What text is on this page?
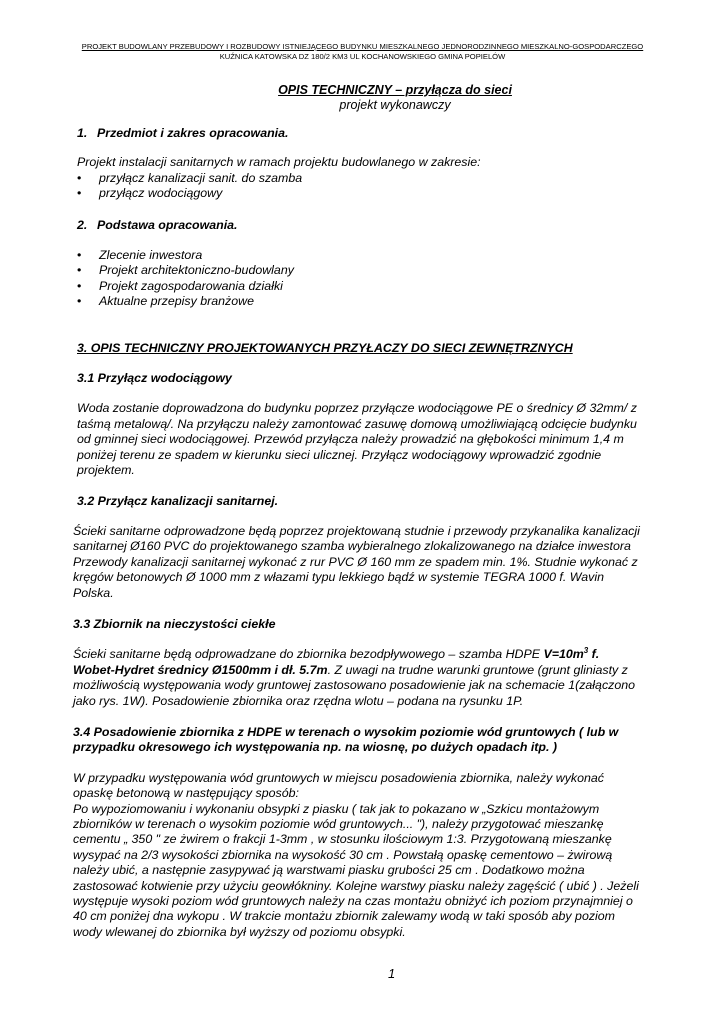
PROJEKT BUDOWLANY PRZEBUDOWY I ROZBUDOWY ISTNIEJĄCEGO BUDYNKU MIESZKALNEGO JEDNORODZINNEGO MIESZKALNO-GOSPODARCZEGO
KUŹNICA KATOWSKA DZ 180/2 KM3 UL KOCHANOWSKIEGO GMINA POPIELÓW
OPIS TECHNICZNY – przyłącza do sieci
projekt wykonawczy

1. Przedmiot i zakres opracowania.

Projekt instalacji sanitarnych w ramach projektu budowlanego w zakresie:

• przyłącz kanalizacji sanit. do szamba
• przyłącz wodociągowy

2. Podstawa opracowania.

• Zlecenie inwestora
• Projekt architektoniczno-budowlany
• Projekt zagospodarowania działki
• Aktualne przepisy branżowe

3. OPIS TECHNICZNY PROJEKTOWANYCH PRZYŁACZY DO SIECI ZEWNĘTRZNYCH

3.1 Przyłącz wodociągowy

Woda zostanie doprowadzona do budynku poprzez przyłącze wodociągowe PE o średnicy Ø 32mm/ z

taśmą metalową/. Na przyłączu należy zamontować zasuwę domową umożliwiającą odcięcie budynku

od gminnej sieci wodociągowej. Przewód przyłącza należy prowadzić na głębokości minimum 1,4 m

poniżej terenu ze spadem w kierunku sieci ulicznej. Przyłącz wodociągowy wprowadzić zgodnie

projektem.

3.2 Przyłącz kanalizacji sanitarnej.

Ścieki sanitarne odprowadzone będą poprzez projektowaną studnie i przewody przykanalika kanalizacji

sanitarnej Ø160 PVC do projektowanego szamba wybieralnego zlokalizowanego na działce inwestora

Przewody kanalizacji sanitarnej wykonać z rur PVC Ø 160 mm ze spadem min. 1%. Studnie wykonać z

kręgów betonowych Ø 1000 mm z włazami typu lekkiego bądź w systemie TEGRA 1000 f. Wavin

Polska.

3.3 Zbiornik na nieczystości ciekłe

Ścieki sanitarne będą odprowadzane do zbiornika bezodpływowego – szamba HDPE $V=10m^3$ f.

Wobet-Hydret średnicy Ø1500mm i dł. 5.7m. Z uwagi na trudne warunki gruntowe (grunt gliniasty z

możliwością występowania wody gruntowej zastosowano posadowienie jak na schemacie 1(załączono

jako rys. 1W). Posadowienie zbiornika oraz rzędna wlotu – podana na rysunku 1P.

3.4 Posadowienie zbiornika z HDPE w terenach o wysokim poziomie wód gruntowych ( lub w

przypadku okresowego ich występowania np. na wiosnę, po dużych opadach itp. )

W przypadku występowania wód gruntowych w miejscu posadowienia zbiornika, należy wykonać

opaskę betonową w następujący sposób:

Po wypoziomowaniu i wykonaniu obsypki z piasku ( tak jak to pokazano w „Szkicu montażowym

zbiorników w terenach o wysokim poziomie wód gruntowych... "), należy przygotować mieszankę

cementu „ 350 " ze żwirem o frakcji 1-3mm , w stosunku ilościowym 1:3. Przygotowaną mieszankę

wysypać na 2/3 wysokości zbiornika na wysokość 30 cm . Powstałą opaskę cementowo – żwirową

należy ubić, a następnie zasypywać ją warstwami piasku grubości 25 cm . Dodatkowo można

zastosować kotwienie przy użyciu geowłókniny. Kolejne warstwy piasku należy zagęścić ( ubić ) . Jeżeli

występuje wysoki poziom wód gruntowych należy na czas montażu obniżyć ich poziom przynajmniej o

40 cm poniżej dna wykopu . W trakcie montażu zbiornik zalewamy wodą w taki sposób aby poziom

wody wlewanej do zbiornika był wyższy od poziomu obsypki.

1
